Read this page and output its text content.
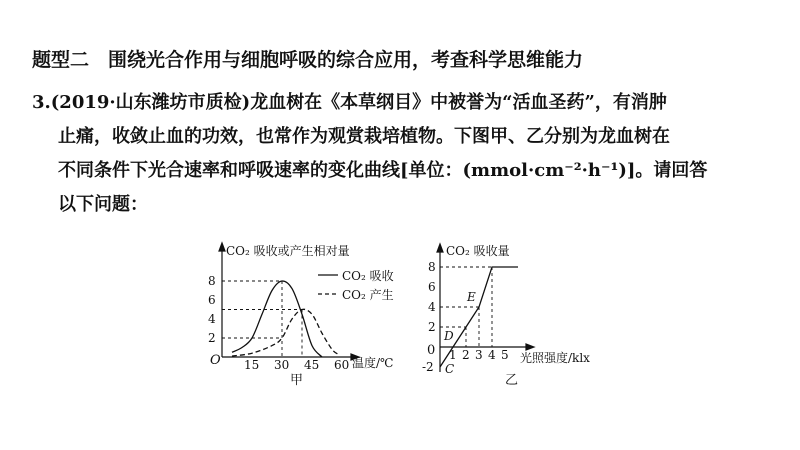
题型二　围绕光合作用与细胞呼吸的综合应用，考查科学思维能力
3.(2019·山东潍坊市质检)龙血树在《本草纲目》中被誉为“活血圣药”，有消肿
止痛，收敛止血的功效，也常作为观赏栽培植物。下图甲、乙分别为龙血树在
不同条件下光合速率和呼吸速率的变化曲线[单位：(mmol·cm⁻²·h⁻¹)]。请回答
以下问题：
15 30 45 60
2
4
6
8
CO₂ 吸收或产生相对量
O	温度/℃
CO₂ 吸收
CO₂ 产生
甲
1 2 3 4 5
-2
2
4
6
8
CO₂ 吸收量
0	光照强度/klx
C
D
E
乙
